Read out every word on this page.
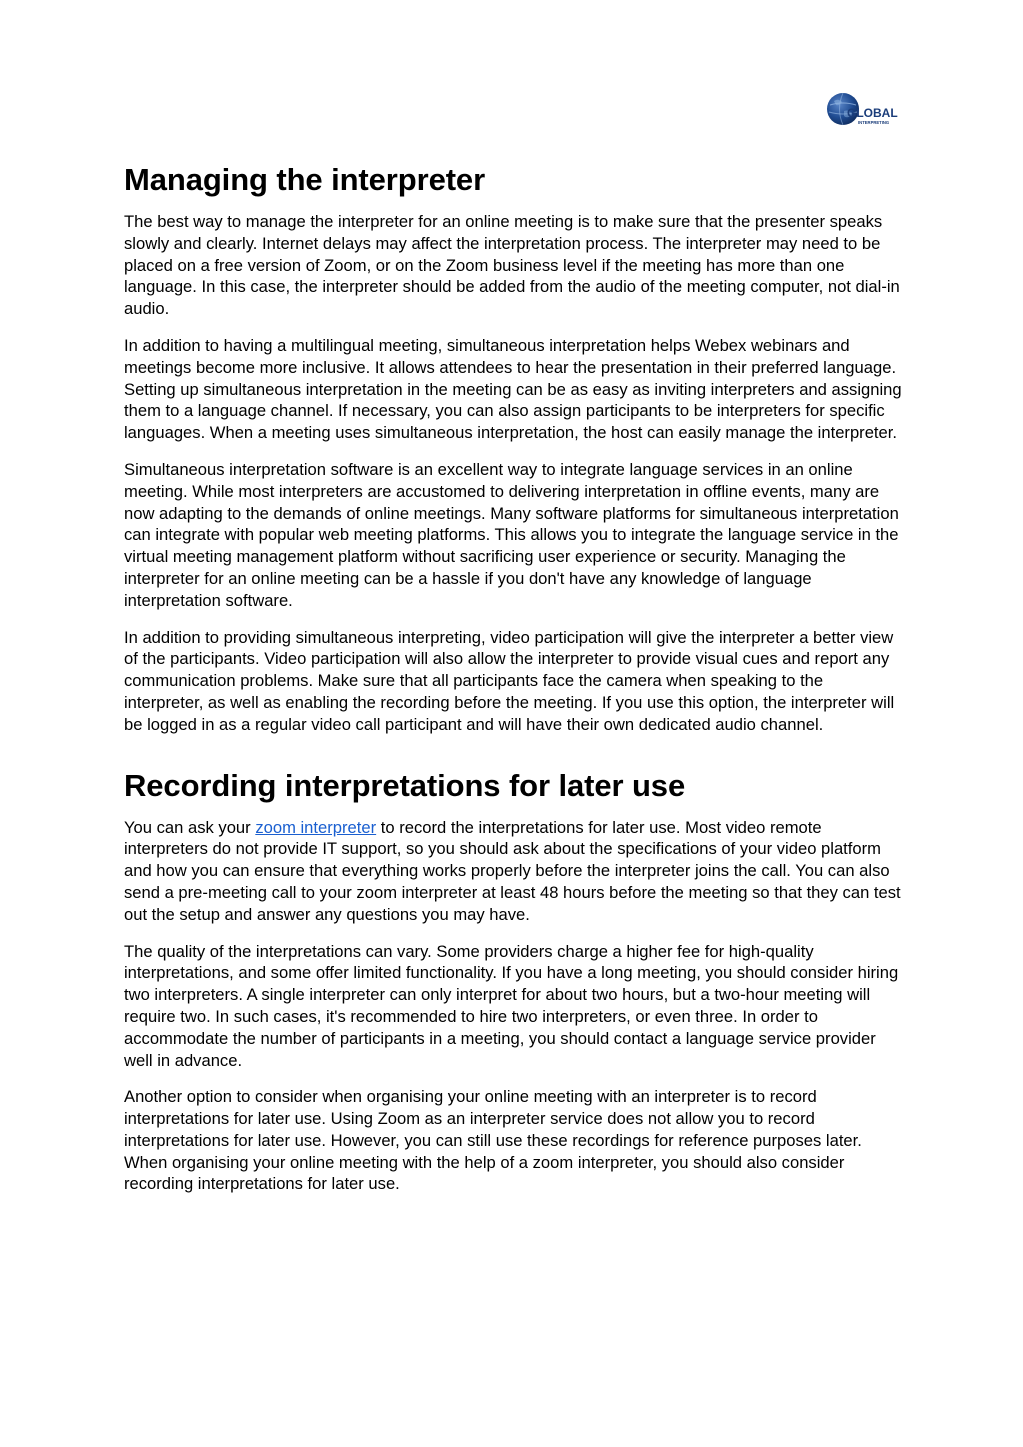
GLOBAL
INTERPRETING
Managing the interpreter

The best way to manage the interpreter for an online meeting is to make sure that the presenter speaks slowly and clearly. Internet delays may affect the interpretation process. The interpreter may need to be placed on a free version of Zoom, or on the Zoom business level if the meeting has more than one language. In this case, the interpreter should be added from the audio of the meeting computer, not dial-in audio.

In addition to having a multilingual meeting, simultaneous interpretation helps Webex webinars and meetings become more inclusive. It allows attendees to hear the presentation in their preferred language. Setting up simultaneous interpretation in the meeting can be as easy as inviting interpreters and assigning them to a language channel. If necessary, you can also assign participants to be interpreters for specific languages. When a meeting uses simultaneous interpretation, the host can easily manage the interpreter.

Simultaneous interpretation software is an excellent way to integrate language services in an online meeting. While most interpreters are accustomed to delivering interpretation in offline events, many are now adapting to the demands of online meetings. Many software platforms for simultaneous interpretation can integrate with popular web meeting platforms. This allows you to integrate the language service in the virtual meeting management platform without sacrificing user experience or security. Managing the interpreter for an online meeting can be a hassle if you don't have any knowledge of language interpretation software.

In addition to providing simultaneous interpreting, video participation will give the interpreter a better view of the participants. Video participation will also allow the interpreter to provide visual cues and report any communication problems. Make sure that all participants face the camera when speaking to the interpreter, as well as enabling the recording before the meeting. If you use this option, the interpreter will be logged in as a regular video call participant and will have their own dedicated audio channel.

Recording interpretations for later use

You can ask your zoom interpreter to record the interpretations for later use. Most video remote interpreters do not provide IT support, so you should ask about the specifications of your video platform and how you can ensure that everything works properly before the interpreter joins the call. You can also send a pre-meeting call to your zoom interpreter at least 48 hours before the meeting so that they can test out the setup and answer any questions you may have.

The quality of the interpretations can vary. Some providers charge a higher fee for high-quality interpretations, and some offer limited functionality. If you have a long meeting, you should consider hiring two interpreters. A single interpreter can only interpret for about two hours, but a two-hour meeting will require two. In such cases, it's recommended to hire two interpreters, or even three. In order to accommodate the number of participants in a meeting, you should contact a language service provider well in advance.

Another option to consider when organising your online meeting with an interpreter is to record interpretations for later use. Using Zoom as an interpreter service does not allow you to record interpretations for later use. However, you can still use these recordings for reference purposes later. When organising your online meeting with the help of a zoom interpreter, you should also consider recording interpretations for later use.
